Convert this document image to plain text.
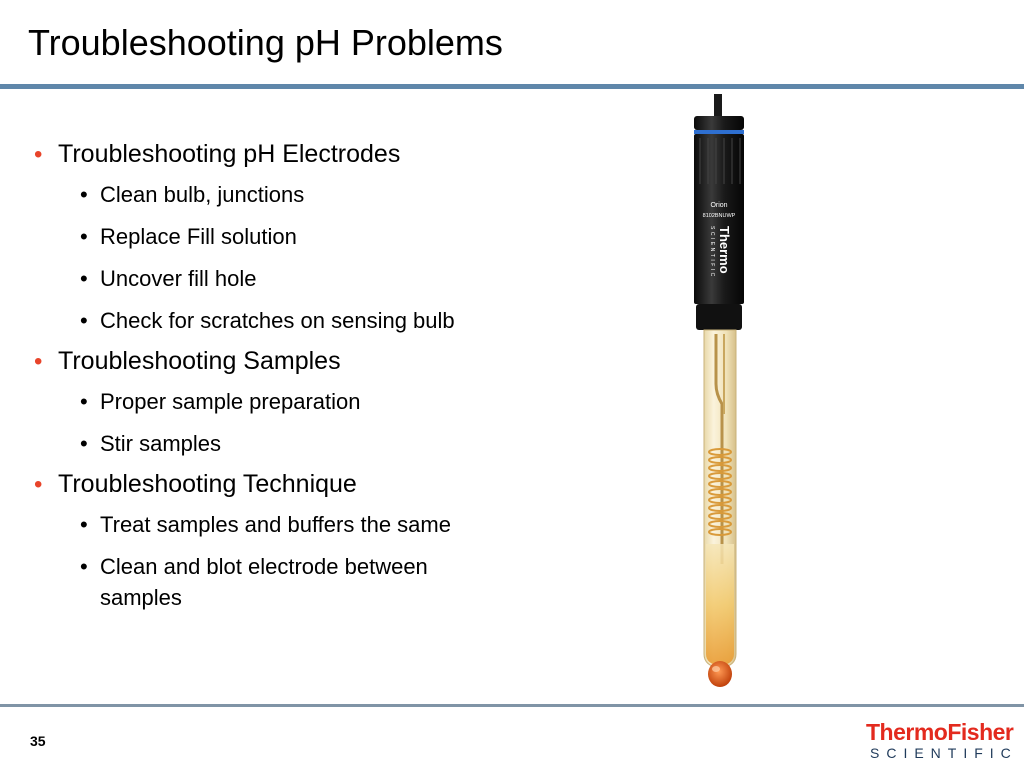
Troubleshooting pH Problems
• Troubleshooting pH Electrodes
• Clean bulb, junctions
• Replace Fill solution
• Uncover fill hole
• Check for scratches on sensing bulb
• Troubleshooting Samples
• Proper sample preparation
• Stir samples
• Troubleshooting Technique
• Treat samples and buffers the same
• Clean and blot electrode between samples
Orion
8102BNUWP
Thermo
SCIENTIFIC
35	ThermoFisher
SCIENTIFIC
